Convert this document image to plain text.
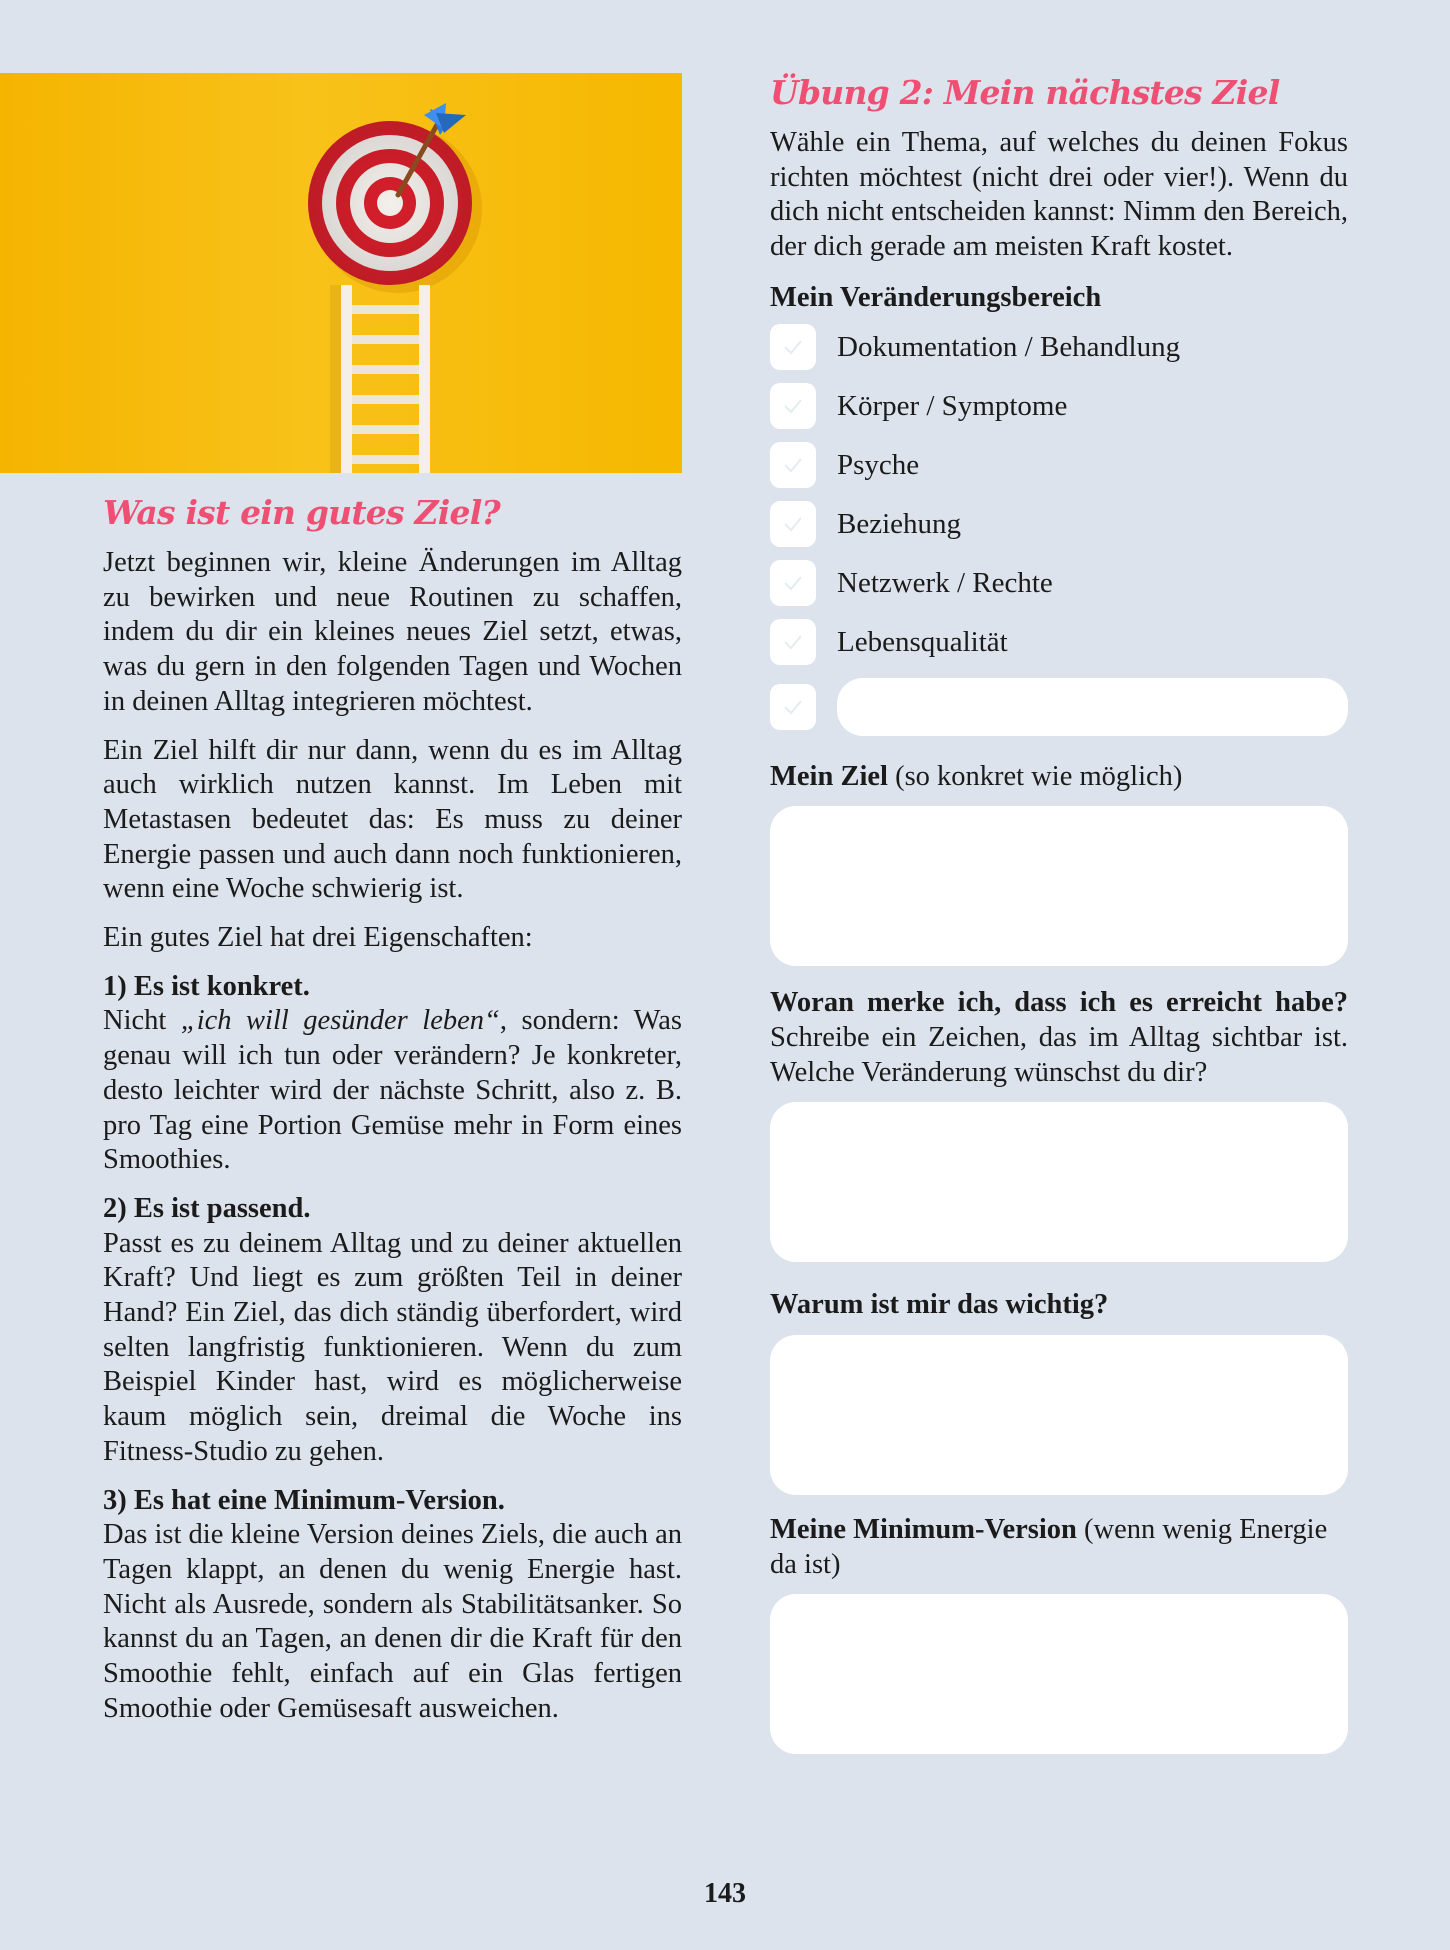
Was ist ein gutes Ziel?

Jetzt beginnen wir, kleine Änderungen im Alltag zu bewirken und neue Routinen zu schaffen, indem du dir ein kleines neues Ziel setzt, etwas, was du gern in den folgenden Tagen und Wochen in deinen Alltag integrieren möchtest.

Ein Ziel hilft dir nur dann, wenn du es im Alltag auch wirklich nutzen kannst. Im Leben mit Metastasen bedeutet das: Es muss zu deiner Energie passen und auch dann noch funktionieren, wenn eine Woche schwierig ist.

Ein gutes Ziel hat drei Eigenschaften:

1) Es ist konkret.

Nicht „ich will gesünder leben“, sondern: Was genau will ich tun oder verändern? Je konkreter, desto leichter wird der nächste Schritt, also z. B. pro Tag eine Portion Gemüse mehr in Form eines Smoothies.

2) Es ist passend.

Passt es zu deinem Alltag und zu deiner aktuellen Kraft? Und liegt es zum größten Teil in deiner Hand? Ein Ziel, das dich ständig überfordert, wird selten langfristig funktionieren. Wenn du zum Beispiel Kinder hast, wird es möglicherweise kaum möglich sein, dreimal die Woche ins Fitness-Studio zu gehen.

3) Es hat eine Minimum-Version.

Das ist die kleine Version deines Ziels, die auch an Tagen klappt, an denen du wenig Energie hast. Nicht als Ausrede, sondern als Stabilitätsanker. So kannst du an Tagen, an denen dir die Kraft für den Smoothie fehlt, einfach auf ein Glas fertigen Smoothie oder Gemüsesaft ausweichen.

Übung 2: Mein nächstes Ziel

Wähle ein Thema, auf welches du deinen Fokus richten möchtest (nicht drei oder vier!). Wenn du dich nicht entscheiden kannst: Nimm den Bereich, der dich gerade am meisten Kraft kostet.

Mein Veränderungsbereich

Dokumentation / Behandlung
Körper / Symptome
Psyche
Beziehung
Netzwerk / Rechte
Lebensqualität

Mein Ziel (so konkret wie möglich)

Woran merke ich, dass ich es erreicht habe? Schreibe ein Zeichen, das im Alltag sichtbar ist. Welche Veränderung wünschst du dir?

Warum ist mir das wichtig?

Meine Minimum-Version (wenn wenig Energie da ist)

143
